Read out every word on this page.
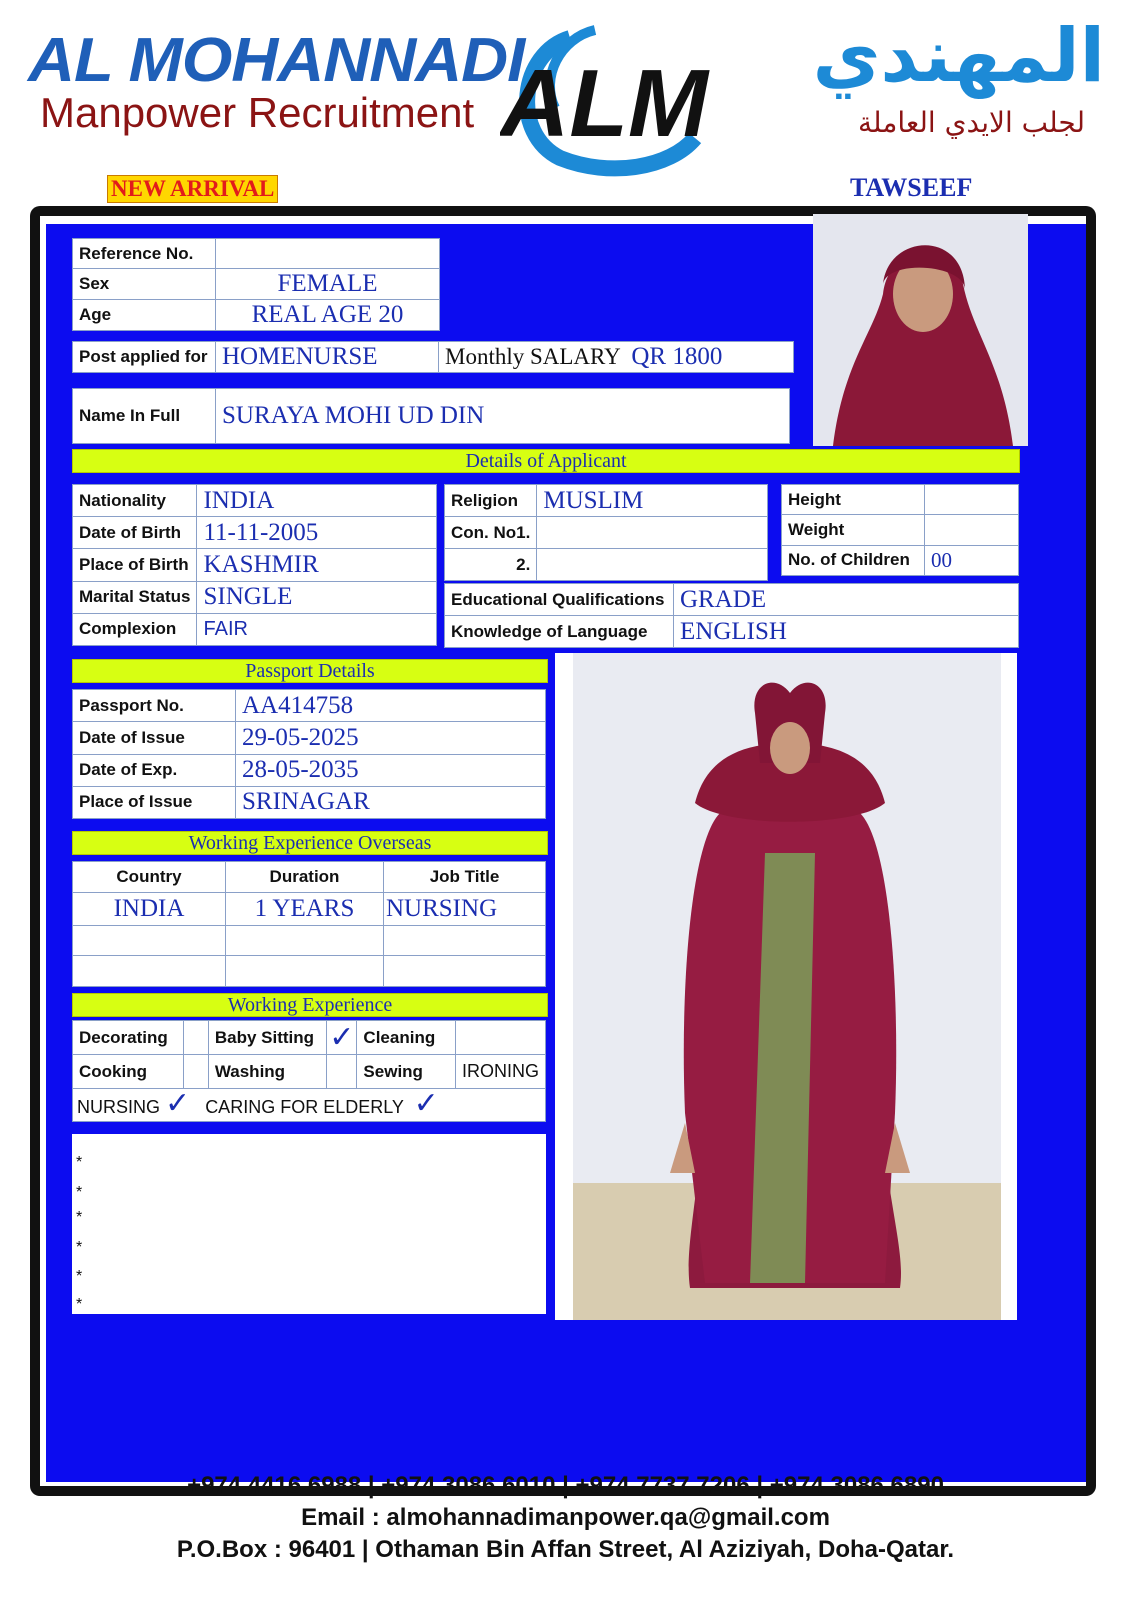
AL MOHANNADI
Manpower Recruitment ALM	المهندي
لجلب الايدي العاملة
NEW ARRIVAL	TAWSEEF
Reference No.	
Sex	FEMALE
Age	REAL AGE 20
Post applied for	HOMENURSE	Monthly SALARY QR 1800
Name In Full	SURAYA MOHI UD DIN
Details of Applicant
Nationality	INDIA
Date of Birth	11-11-2005
Place of Birth	KASHMIR
Marital Status	SINGLE
Complexion	FAIR
Religion	MUSLIM
Con. No1.	
2.	
Height	
Weight	
No. of Children	00
Educational Qualifications	GRADE
Knowledge of Language	ENGLISH
Passport Details
Passport No.	AA414758
Date of Issue	29-05-2025
Date of Exp.	28-05-2035
Place of Issue	SRINAGAR
Working Experience Overseas
Country	Duration	Job Title
INDIA	1 YEARS	NURSING

Working Experience
Decorating		Baby Sitting	✓	Cleaning	
Cooking		Washing		Sewing	IRONING
NURSING ✓ CARING FOR ELDERLY ✓
*
*
*
*
*
*
+974 4416 6988 | +974 3086 6010 | +974 7737 7206 | +974 3086 6890
Email : almohannadimanpower.qa@gmail.com
P.O.Box : 96401 | Othaman Bin Affan Street, Al Aziziyah, Doha-Qatar.
